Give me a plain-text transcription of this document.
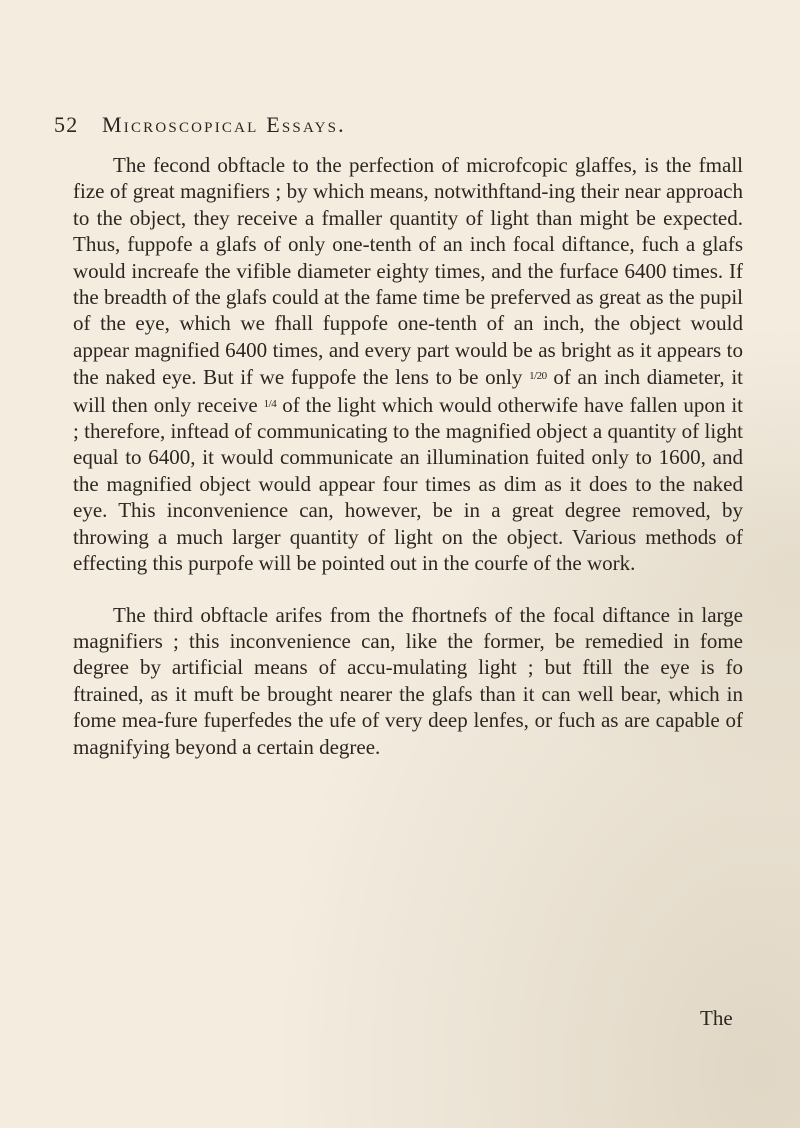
52 Microscopical Essays.

The fecond obftacle to the perfection of microfcopic glaffes, is the fmall fize of great magnifiers ; by which means, notwithftand-ing their near approach to the object, they receive a fmaller quantity of light than might be expected. Thus, fuppofe a glafs of only one-tenth of an inch focal diftance, fuch a glafs would increafe the vifible diameter eighty times, and the furface 6400 times. If the breadth of the glafs could at the fame time be preferved as great as the pupil of the eye, which we fhall fuppofe one-tenth of an inch, the object would appear magnified 6400 times, and every part would be as bright as it appears to the naked eye. But if we fuppofe the lens to be only $^{1/20}$ of an inch diameter, it will then only receive $^{1/4}$ of the light which would otherwife have fallen upon it ; therefore, inftead of communicating to the magnified object a quantity of light equal to 6400, it would communicate an illumination fuited only to 1600, and the magnified object would appear four times as dim as it does to the naked eye. This inconvenience can, however, be in a great degree removed, by throwing a much larger quantity of light on the object. Various methods of effecting this purpofe will be pointed out in the courfe of the work.

The third obftacle arifes from the fhortnefs of the focal diftance in large magnifiers ; this inconvenience can, like the former, be remedied in fome degree by artificial means of accu-mulating light ; but ftill the eye is fo ftrained, as it muft be brought nearer the glafs than it can well bear, which in fome mea-fure fuperfedes the ufe of very deep lenfes, or fuch as are capable of magnifying beyond a certain degree.

The
